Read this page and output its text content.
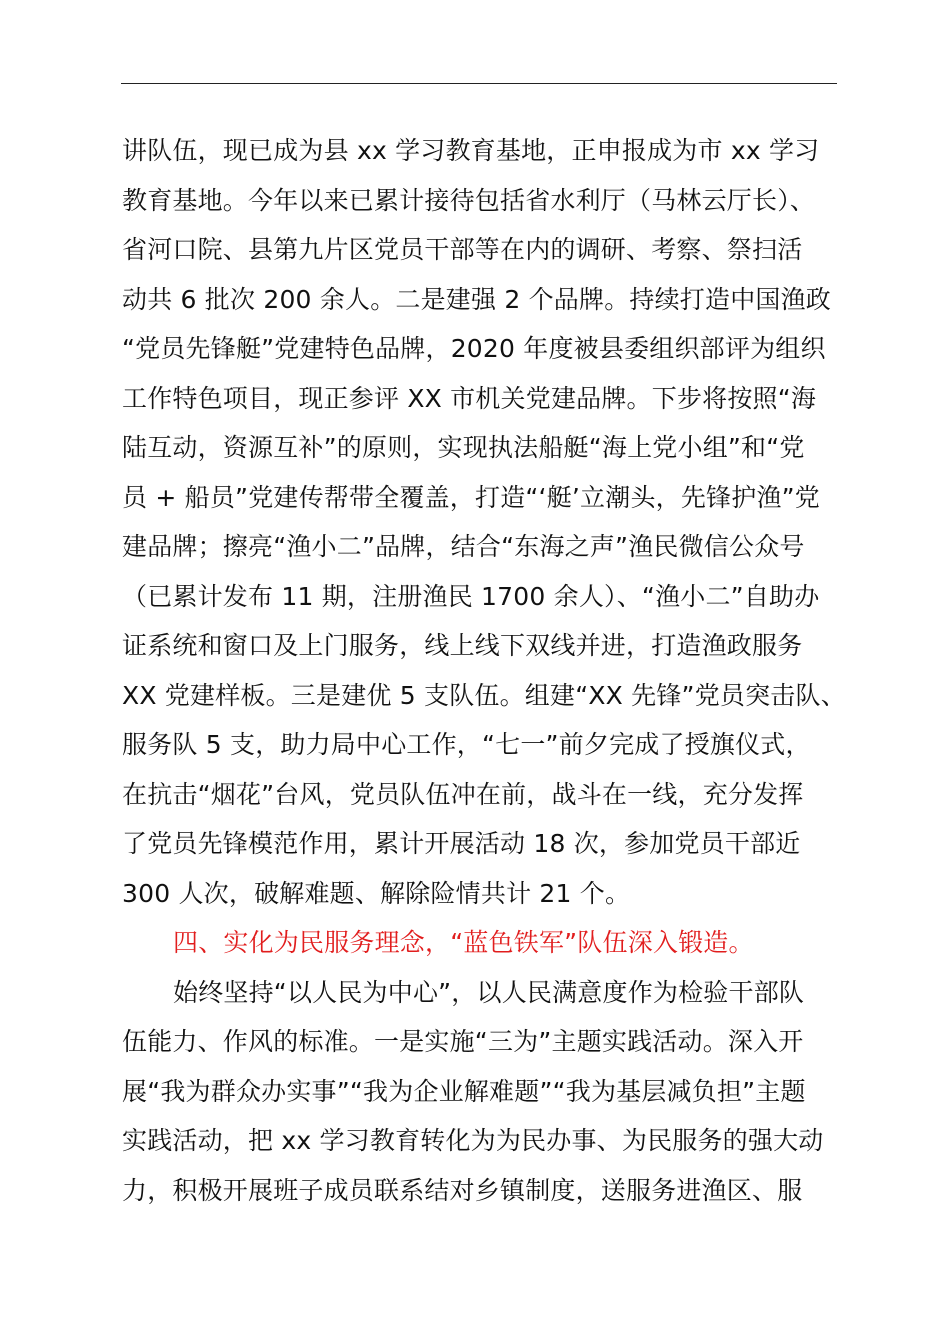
讲队伍，现已成为县 xx 学习教育基地，正申报成为市 xx 学习
教育基地。今年以来已累计接待包括省水利厅（马林云厅长）、
省河口院、县第九片区党员干部等在内的调研、考察、祭扫活
动共 6 批次 200 余人。二是建强 2 个品牌。持续打造中国渔政
“党员先锋艇”党建特色品牌，2020 年度被县委组织部评为组织
工作特色项目，现正参评 XX 市机关党建品牌。下步将按照“海
陆互动，资源互补”的原则，实现执法船艇“海上党小组”和“党
员 + 船员”党建传帮带全覆盖，打造“‘艇’立潮头，先锋护渔”党
建品牌；擦亮“渔小二”品牌，结合“东海之声”渔民微信公众号
（已累计发布 11 期，注册渔民 1700 余人）、“渔小二”自助办
证系统和窗口及上门服务，线上线下双线并进，打造渔政服务
XX 党建样板。三是建优 5 支队伍。组建“XX 先锋”党员突击队、
服务队 5 支，助力局中心工作，“七一”前夕完成了授旗仪式，
在抗击“烟花”台风，党员队伍冲在前，战斗在一线，充分发挥
了党员先锋模范作用，累计开展活动 18 次，参加党员干部近
300 人次，破解难题、解除险情共计 21 个。
四、实化为民服务理念，“蓝色铁军”队伍深入锻造。
始终坚持“以人民为中心”，以人民满意度作为检验干部队
伍能力、作风的标准。一是实施“三为”主题实践活动。深入开
展“我为群众办实事”“我为企业解难题”“我为基层减负担”主题
实践活动，把 xx 学习教育转化为为民办事、为民服务的强大动
力，积极开展班子成员联系结对乡镇制度，送服务进渔区、服
